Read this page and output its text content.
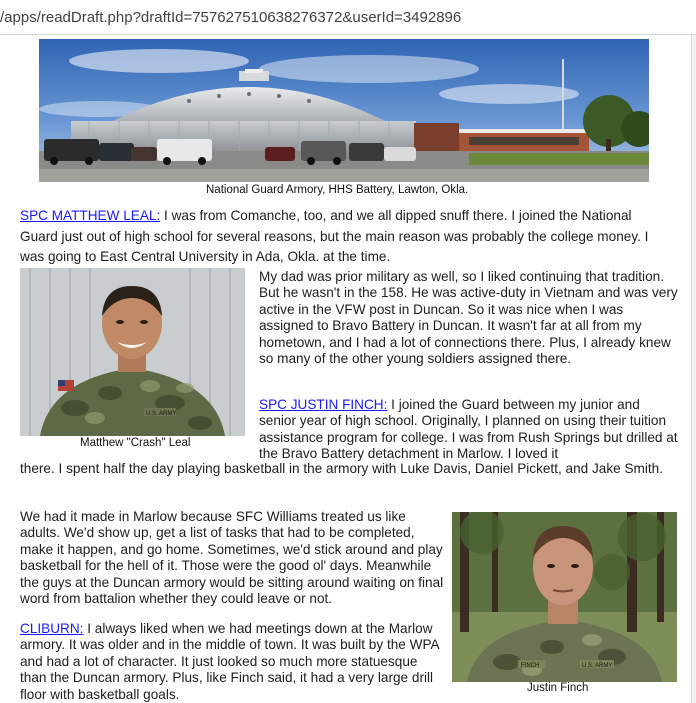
/apps/readDraft.php?draftId=757627510638276372&userId=3492896
National Guard Armory, HHS Battery, Lawton, Okla.
SPC MATTHEW LEAL: I was from Comanche, too, and we all dipped snuff there. I joined the National Guard just out of high school for several reasons, but the main reason was probably the college money. I was going to East Central University in Ada, Okla. at the time.
U.S. ARMY
Matthew "Crash" Leal
My dad was prior military as well, so I liked continuing that tradition. But he wasn't in the 158. He was active-duty in Vietnam and was very active in the VFW post in Duncan. So it was nice when I was assigned to Bravo Battery in Duncan. It wasn't far at all from my hometown, and I had a lot of connections there. Plus, I already knew so many of the other young soldiers assigned there.
SPC JUSTIN FINCH: I joined the Guard between my junior and senior year of high school. Originally, I planned on using their tuition assistance program for college. I was from Rush Springs but drilled at the Bravo Battery detachment in Marlow. I loved it
there. I spent half the day playing basketball in the armory with Luke Davis, Daniel Pickett, and Jake Smith.
We had it made in Marlow because SFC Williams treated us like adults. We'd show up, get a list of tasks that had to be completed, make it happen, and go home. Sometimes, we'd stick around and play basketball for the hell of it. Those were the good ol' days. Meanwhile the guys at the Duncan armory would be sitting around waiting on final word from battalion whether they could leave or not.
CLIBURN: I always liked when we had meetings down at the Marlow armory. It was older and in the middle of town. It was built by the WPA and had a lot of character. It just looked so much more statuesque than the Duncan armory. Plus, like Finch said, it had a very large drill floor with basketball goals.
FINCH	U.S. ARMY
Justin Finch
